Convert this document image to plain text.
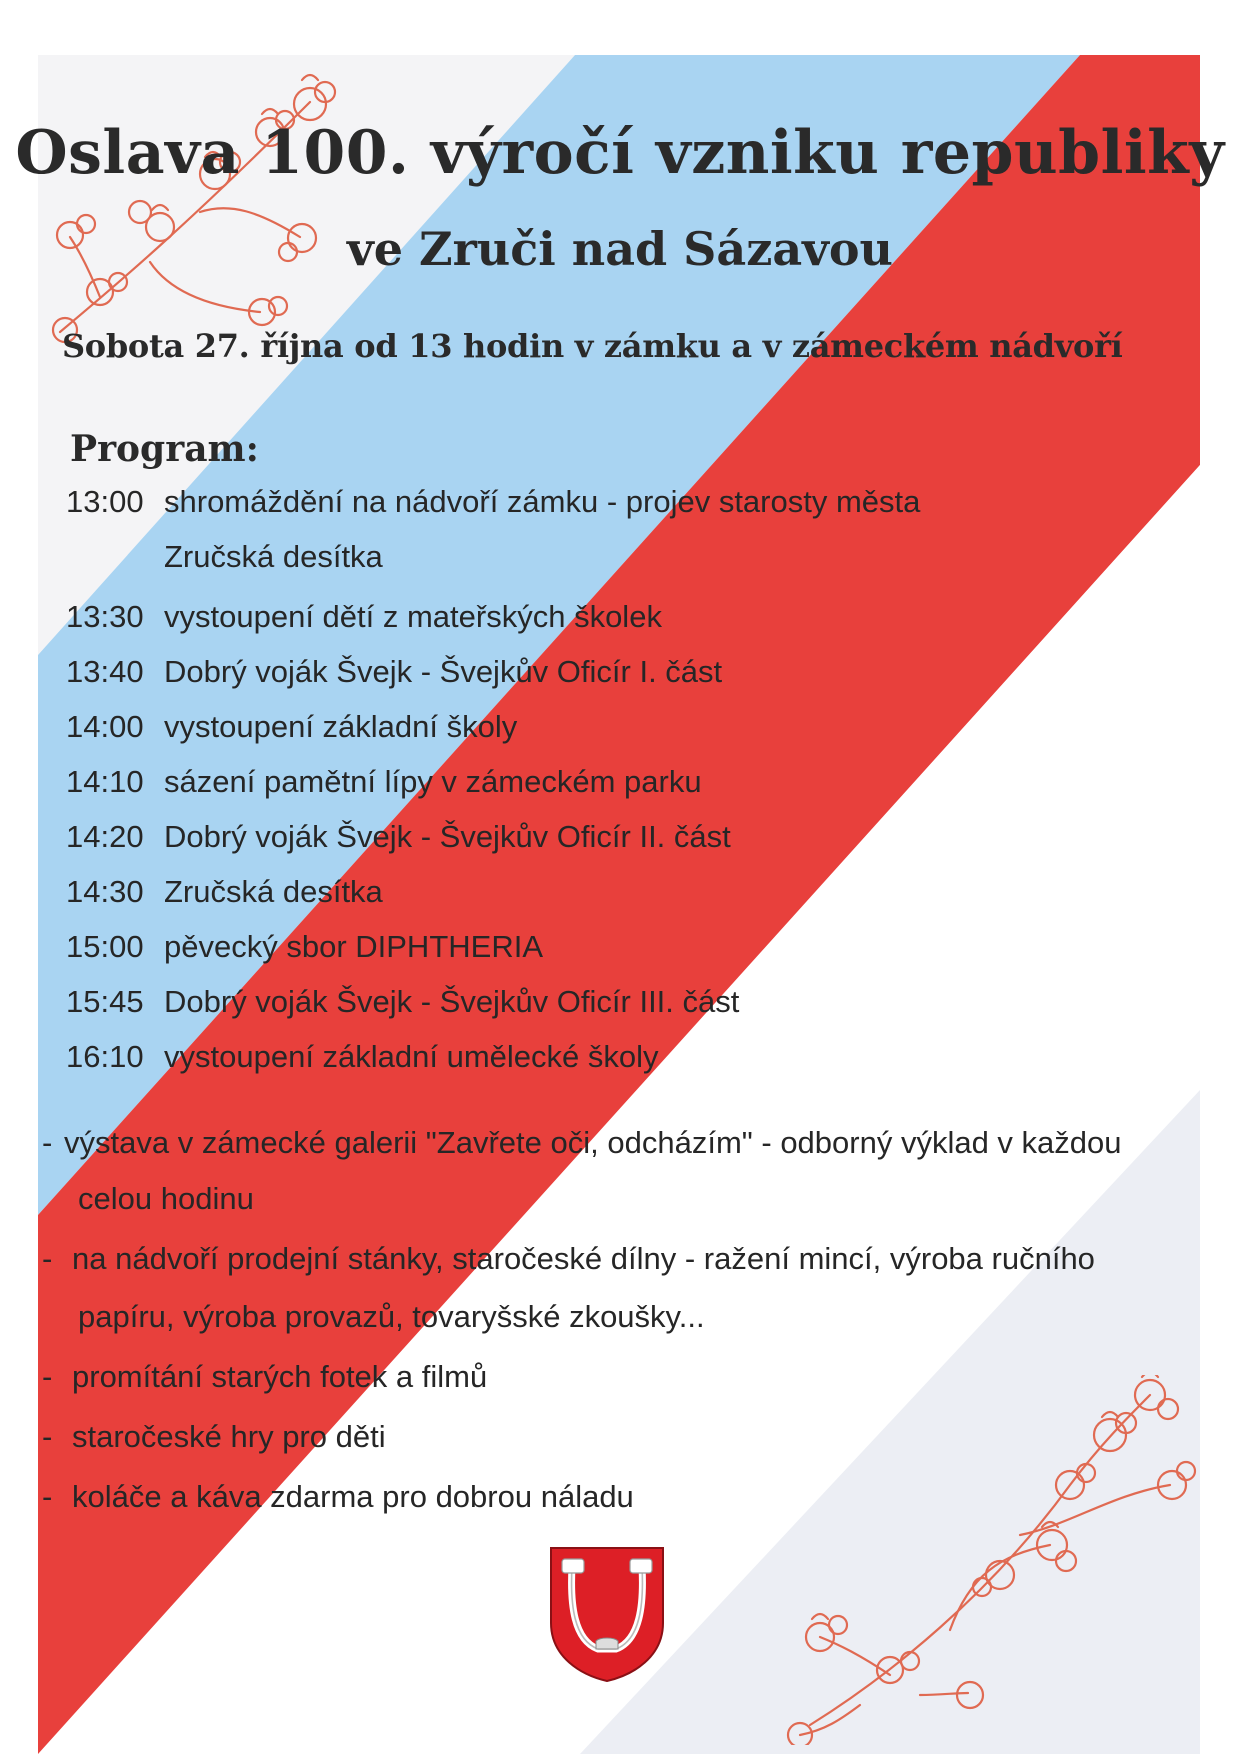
Oslava 100. výročí vzniku republiky
ve Zruči nad Sázavou
Sobota 27. října od 13 hodin v zámku a v zámeckém nádvoří
Program:
13:00 shromáždění na nádvoří zámku - projev starosty města
Zručská desítka
13:30 vystoupení dětí z mateřských školek
13:40 Dobrý voják Švejk - Švejkův Oficír I. část
14:00 vystoupení základní školy
14:10 sázení pamětní lípy v zámeckém parku
14:20 Dobrý voják Švejk - Švejkův Oficír II. část
14:30 Zručská desítka
15:00 pěvecký sbor DIPHTHERIA
15:45 Dobrý voják Švejk - Švejkův Oficír III. část
16:10 vystoupení základní umělecké školy
- výstava v zámecké galerii "Zavřete oči, odcházím" - odborný výklad v každou
celou hodinu
- na nádvoří prodejní stánky, staročeské dílny - ražení mincí, výroba ručního
papíru, výroba provazů, tovaryšské zkoušky...
- promítání starých fotek a filmů
- staročeské hry pro děti
- koláče a káva zdarma pro dobrou náladu
